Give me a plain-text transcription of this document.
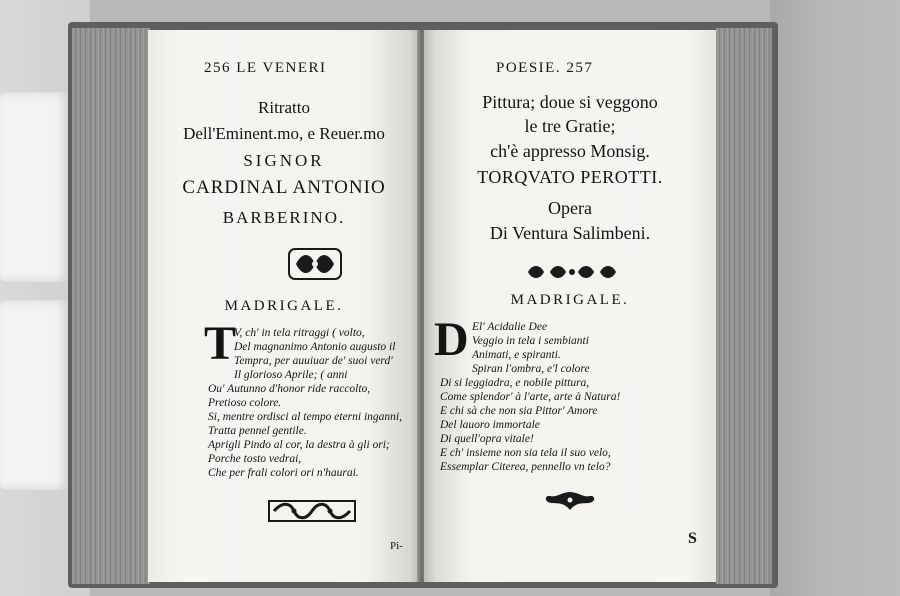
256 LE VENERI
Ritratto
Dell'Eminent.mo, e Reuer.mo
SIGNOR
CARDINAL ANTONIO
BARBERINO.
MADRIGALE.
T
V, ch' in tela ritraggi ( volto,
Del magnanimo Antonio augusto il
Tempra, per auuiuar de' suoi verd'
Il glorioso Aprile; ( anni
Ou' Autunno d'honor ride raccolto,
Pretioso colore.
Si, mentre ordisci al tempo eterni inganni,
Tratta pennel gentile.
Aprigli Pindo al cor, la destra à gli ori;
Porche tosto vedrai,
Che per frali colori ori n'haurai.
Pi-
POESIE. 257
Pittura; doue si veggono
le tre Gratie;
ch'è appresso Monsig.
TORQVATO PEROTTI.
Opera
Di Ventura Salimbeni.
MADRIGALE.
D El' Acidalie Dee
Veggio in tela i sembianti
Animati, e spiranti.
Spiran l'ombra, e'l colore
Di si leggiadra, e nobile pittura,
Come splendor' à l'arte, arte à Natura!
E chi sà che non sia Pittor' Amore
Del lauoro immortale
Di quell'opra vitale!
E ch' insieme non sia tela il suo velo,
Essemplar Citerea, pennello vn telo?
S
